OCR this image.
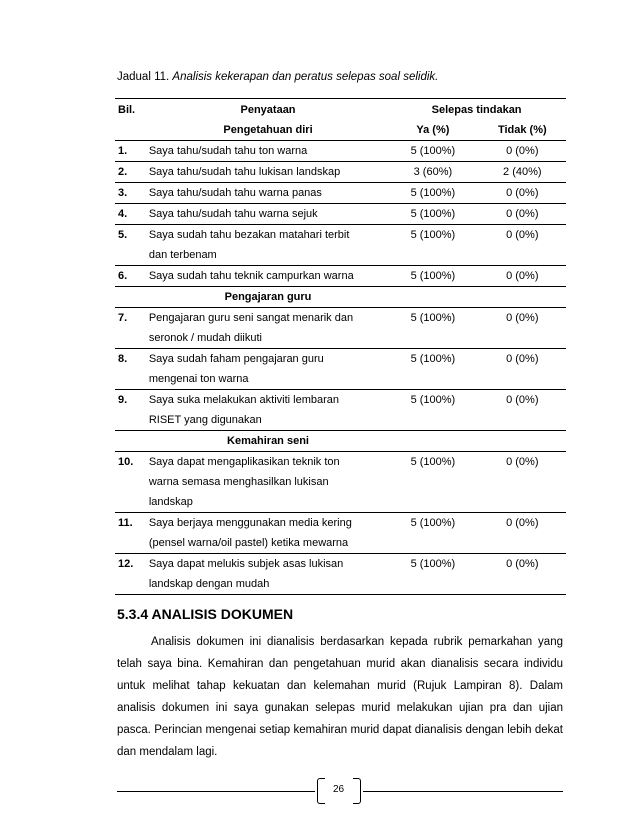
Jadual 11. Analisis kekerapan dan peratus selepas soal selidik.
Bil.	Penyataan	Selepas tindakan	
	Pengetahuan diri	Ya (%)	Tidak (%)
1.	Saya tahu/sudah tahu ton warna	5 (100%)	0 (0%)
2.	Saya tahu/sudah tahu lukisan landskap	3 (60%)	2 (40%)
3.	Saya tahu/sudah tahu warna panas	5 (100%)	0 (0%)
4.	Saya tahu/sudah tahu warna sejuk	5 (100%)	0 (0%)
5.	Saya sudah tahu bezakan matahari terbit
dan terbenam	5 (100%)	0 (0%)
6.	Saya sudah tahu teknik campurkan warna	5 (100%)	0 (0%)
	Pengajaran guru		
7.	Pengajaran guru seni sangat menarik dan
seronok / mudah diikuti	5 (100%)	0 (0%)
8.	Saya sudah faham pengajaran guru
mengenai ton warna	5 (100%)	0 (0%)
9.	Saya suka melakukan aktiviti lembaran
RISET yang digunakan	5 (100%)	0 (0%)
	Kemahiran seni		
10.	Saya dapat mengaplikasikan teknik ton
warna semasa menghasilkan lukisan
landskap	5 (100%)	0 (0%)
11.	Saya berjaya menggunakan media kering
(pensel warna/oil pastel) ketika mewarna	5 (100%)	0 (0%)
12.	Saya dapat melukis subjek asas lukisan
landskap dengan mudah	5 (100%)	0 (0%)
5.3.4 ANALISIS DOKUMEN
Analisis dokumen ini dianalisis berdasarkan kepada rubrik pemarkahan yang telah saya bina. Kemahiran dan pengetahuan murid akan dianalisis secara individu untuk melihat tahap kekuatan dan kelemahan murid (Rujuk Lampiran 8). Dalam analisis dokumen ini saya gunakan selepas murid melakukan ujian pra dan ujian pasca. Perincian mengenai setiap kemahiran murid dapat dianalisis dengan lebih dekat dan mendalam lagi.
26
